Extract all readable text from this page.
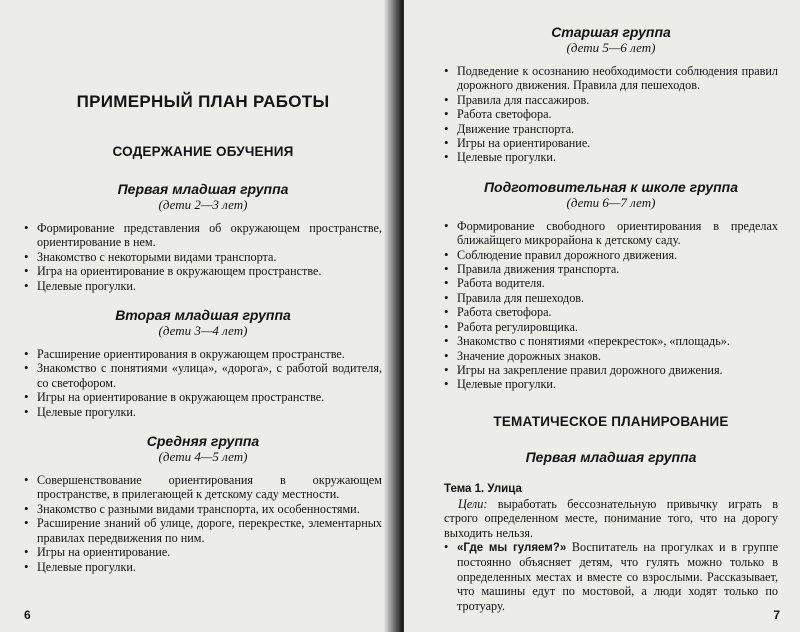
ПРИМЕРНЫЙ ПЛАН РАБОТЫ
СОДЕРЖАНИЕ ОБУЧЕНИЯ

Первая младшая группа

(дети 2—3 лет)

• Формирование представления об окружающем пространстве, ориентирование в нем.
• Знакомство с некоторыми видами транспорта.
• Игра на ориентирование в окружающем пространстве.
• Целевые прогулки.

Вторая младшая группа

(дети 3—4 лет)

• Расширение ориентирования в окружающем пространстве.
• Знакомство с понятиями «улица», «дорога», с работой водителя, со светофором.
• Игры на ориентирование в окружающем пространстве.
• Целевые прогулки.

Средняя группа

(дети 4—5 лет)

• Совершенствование ориентирования в окружающем пространстве, в прилегающей к детскому саду местности.
• Знакомство с разными видами транспорта, их особенностями.
• Расширение знаний об улице, дороге, перекрестке, элементарных правилах передвижения по ним.
• Игры на ориентирование.
• Целевые прогулки.
6

Старшая группа

(дети 5—6 лет)

• Подведение к осознанию необходимости соблюдения правил дорожного движения. Правила для пешеходов.
• Правила для пассажиров.
• Работа светофора.
• Движение транспорта.
• Игры на ориентирование.
• Целевые прогулки.

Подготовительная к школе группа

(дети 6—7 лет)

• Формирование свободного ориентирования в пределах ближайщего микрорайона к детскому саду.
• Соблюдение правил дорожного движения.
• Правила движения транспорта.
• Работа водителя.
• Правила для пешеходов.
• Работа светофора.
• Работа регулировщика.
• Знакомство с понятиями «перекресток», «площадь».
• Значение дорожных знаков.
• Игры на закрепление правил дорожного движения.
• Целевые прогулки.
ТЕМАТИЧЕСКОЕ ПЛАНИРОВАНИЕ

Первая младшая группа

Тема 1. Улица

Цели: выработать бессознательную привычку играть в строго определенном месте, понимание того, что на дорогу выходить нельзя.

• «Где мы гуляем?» Воспитатель на прогулках и в группе постоянно объясняет детям, что гулять можно только в определенных местах и вместе со взрослыми. Рассказывает, что машины едут по мостовой, а люди ходят только по тротуару.

7
